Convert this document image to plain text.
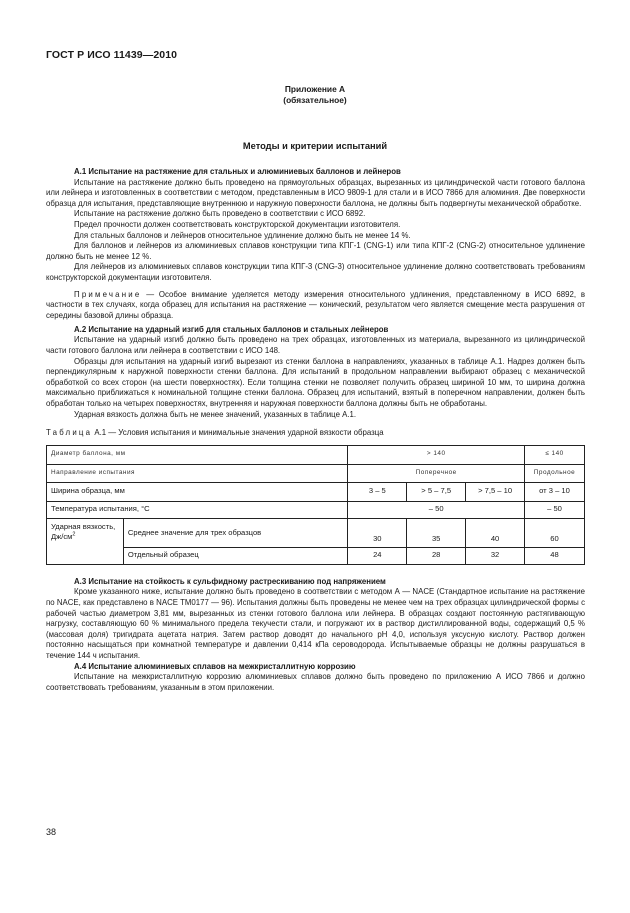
ГОСТ Р ИСО 11439—2010
Приложение А
(обязательное)
Методы и критерии испытаний
А.1 Испытание на растяжение для стальных и алюминиевых баллонов и лейнеров

Испытание на растяжение должно быть проведено на прямоугольных образцах, вырезанных из цилиндрической части готового баллона или лейнера и изготовленных в соответствии с методом, представленным в ИСО 9809-1 для стали и в ИСО 7866 для алюминия. Две поверхности образца для испытания, представляющие внутреннюю и наружную поверхности баллона, не должны быть подвергнуты механической обработке.

Испытание на растяжение должно быть проведено в соответствии с ИСО 6892.

Предел прочности должен соответствовать конструкторской документации изготовителя.

Для стальных баллонов и лейнеров относительное удлинение должно быть не менее 14 %.

Для баллонов и лейнеров из алюминиевых сплавов конструкции типа КПГ-1 (CNG-1) или типа КПГ-2 (CNG-2) относительное удлинение должно быть не менее 12 %.

Для лейнеров из алюминиевых сплавов конструкции типа КПГ-3 (CNG-3) относительное удлинение должно соответствовать требованиям конструкторской документации изготовителя.

Примечание — Особое внимание уделяется методу измерения относительного удлинения, представленному в ИСО 6892, в частности в тех случаях, когда образец для испытания на растяжение — конический, результатом чего является смещение места разрушения от середины базовой длины образца.

А.2 Испытание на ударный изгиб для стальных баллонов и стальных лейнеров

Испытание на ударный изгиб должно быть проведено на трех образцах, изготовленных из материала, вырезанного из цилиндрической части готового баллона или лейнера в соответствии с ИСО 148.

Образцы для испытания на ударный изгиб вырезают из стенки баллона в направлениях, указанных в таблице А.1. Надрез должен быть перпендикулярным к наружной поверхности стенки баллона. Для испытаний в продольном направлении выбирают образец с механической обработкой со всех сторон (на шести поверхностях). Если толщина стенки не позволяет получить образец шириной 10 мм, то ширина должна максимально приближаться к номинальной толщине стенки баллона. Образец для испытаний, взятый в поперечном направлении, должен быть обработан только на четырех поверхностях, внутренняя и наружная поверхности баллона должны быть не обработаны.

Ударная вязкость должна быть не менее значений, указанных в таблице А.1.

Таблица А.1 — Условия испытания и минимальные значения ударной вязкости образца

Диаметр баллона, мм		> 140			≤ 140
Направление испытания		Поперечное			Продольное
Ширина образца, мм		3 – 5	> 5 – 7,5	> 7,5 – 10	от 3 – 10
Температура испытания, °С		– 50			– 50
Ударная вязкость, $Дж/см^2$	Среднее значение для трех образцов	30	35	40	60
	Отдельный образец	24	28	32	48
А.3 Испытание на стойкость к сульфидному растрескиванию под напряжением

Кроме указанного ниже, испытание должно быть проведено в соответствии с методом А — NACE (Стандартное испытание на растяжение по NACE, как представлено в NACE TM0177 — 96). Испытания должны быть проведены не менее чем на трех образцах цилиндрической формы с рабочей частью диаметром 3,81 мм, вырезанных из стенки готового баллона или лейнера. В образцах создают постоянную растягивающую нагрузку, составляющую 60 % минимального предела текучести стали, и погружают их в раствор дистиллированной воды, содержащий 0,5 % (массовая доля) тригидрата ацетата натрия. Затем раствор доводят до начального pH 4,0, используя уксусную кислоту. Раствор должен постоянно насыщаться при комнатной температуре и давлении 0,414 кПа сероводорода. Испытываемые образцы не должны разрушаться в течение 144 ч испытания.

А.4 Испытание алюминиевых сплавов на межкристаллитную коррозию

Испытание на межкристаллитную коррозию алюминиевых сплавов должно быть проведено по приложению А ИСО 7866 и должно соответствовать требованиям, указанным в этом приложении.

38
